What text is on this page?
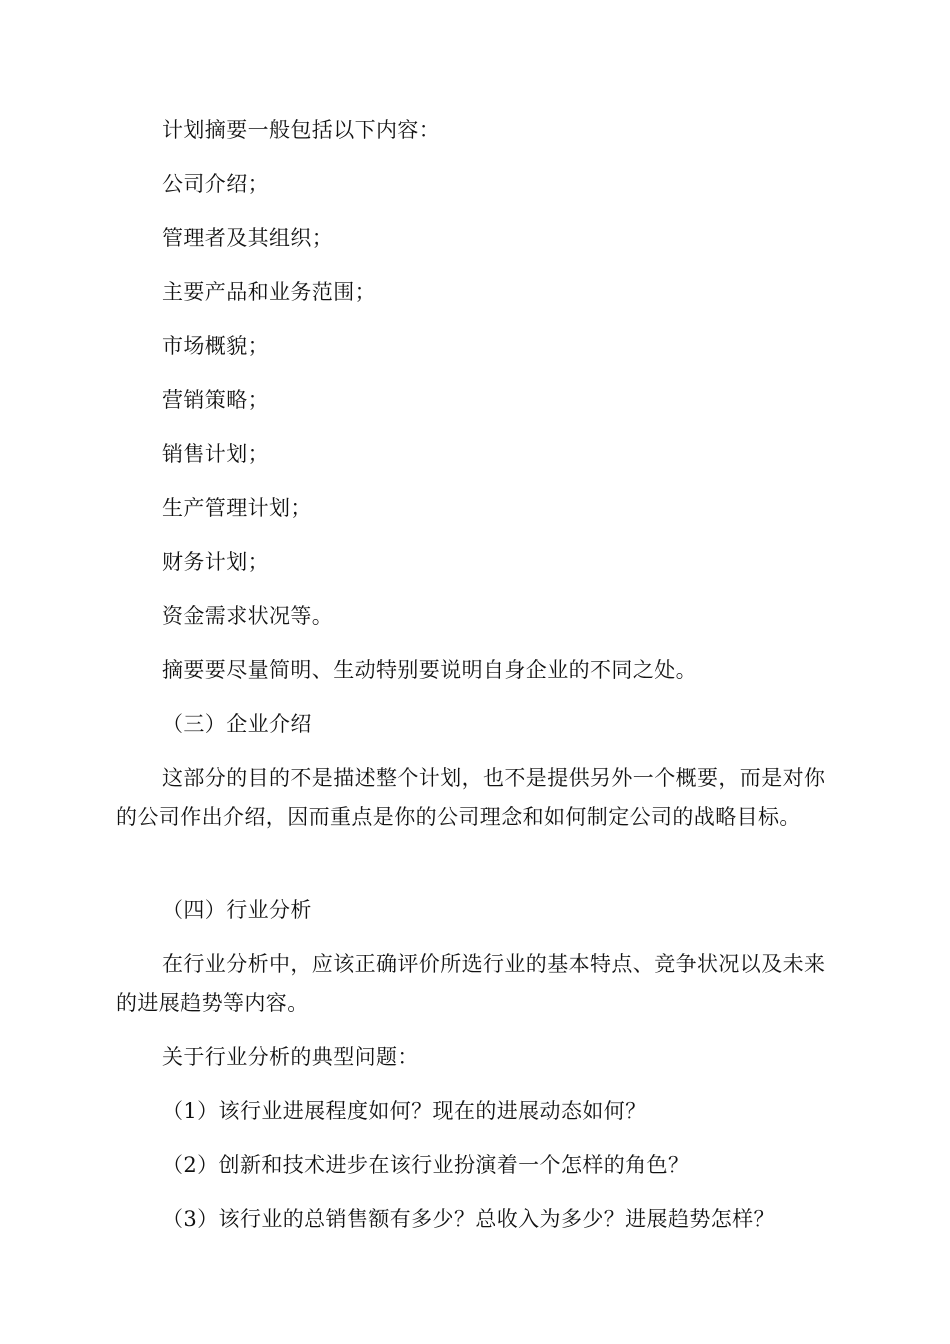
计划摘要一般包括以下内容：

公司介绍；

管理者及其组织；

主要产品和业务范围；

市场概貌；

营销策略；

销售计划；

生产管理计划；

财务计划；

资金需求状况等。

摘要要尽量简明、生动特别要说明自身企业的不同之处。

（三）企业介绍

这部分的目的不是描述整个计划，也不是提供另外一个概要，而是对你的公司作出介绍，因而重点是你的公司理念和如何制定公司的战略目标。

（四）行业分析

在行业分析中，应该正确评价所选行业的基本特点、竞争状况以及未来的进展趋势等内容。

关于行业分析的典型问题：

（1）该行业进展程度如何？现在的进展动态如何？

（2）创新和技术进步在该行业扮演着一个怎样的角色？

（3）该行业的总销售额有多少？总收入为多少？进展趋势怎样？
